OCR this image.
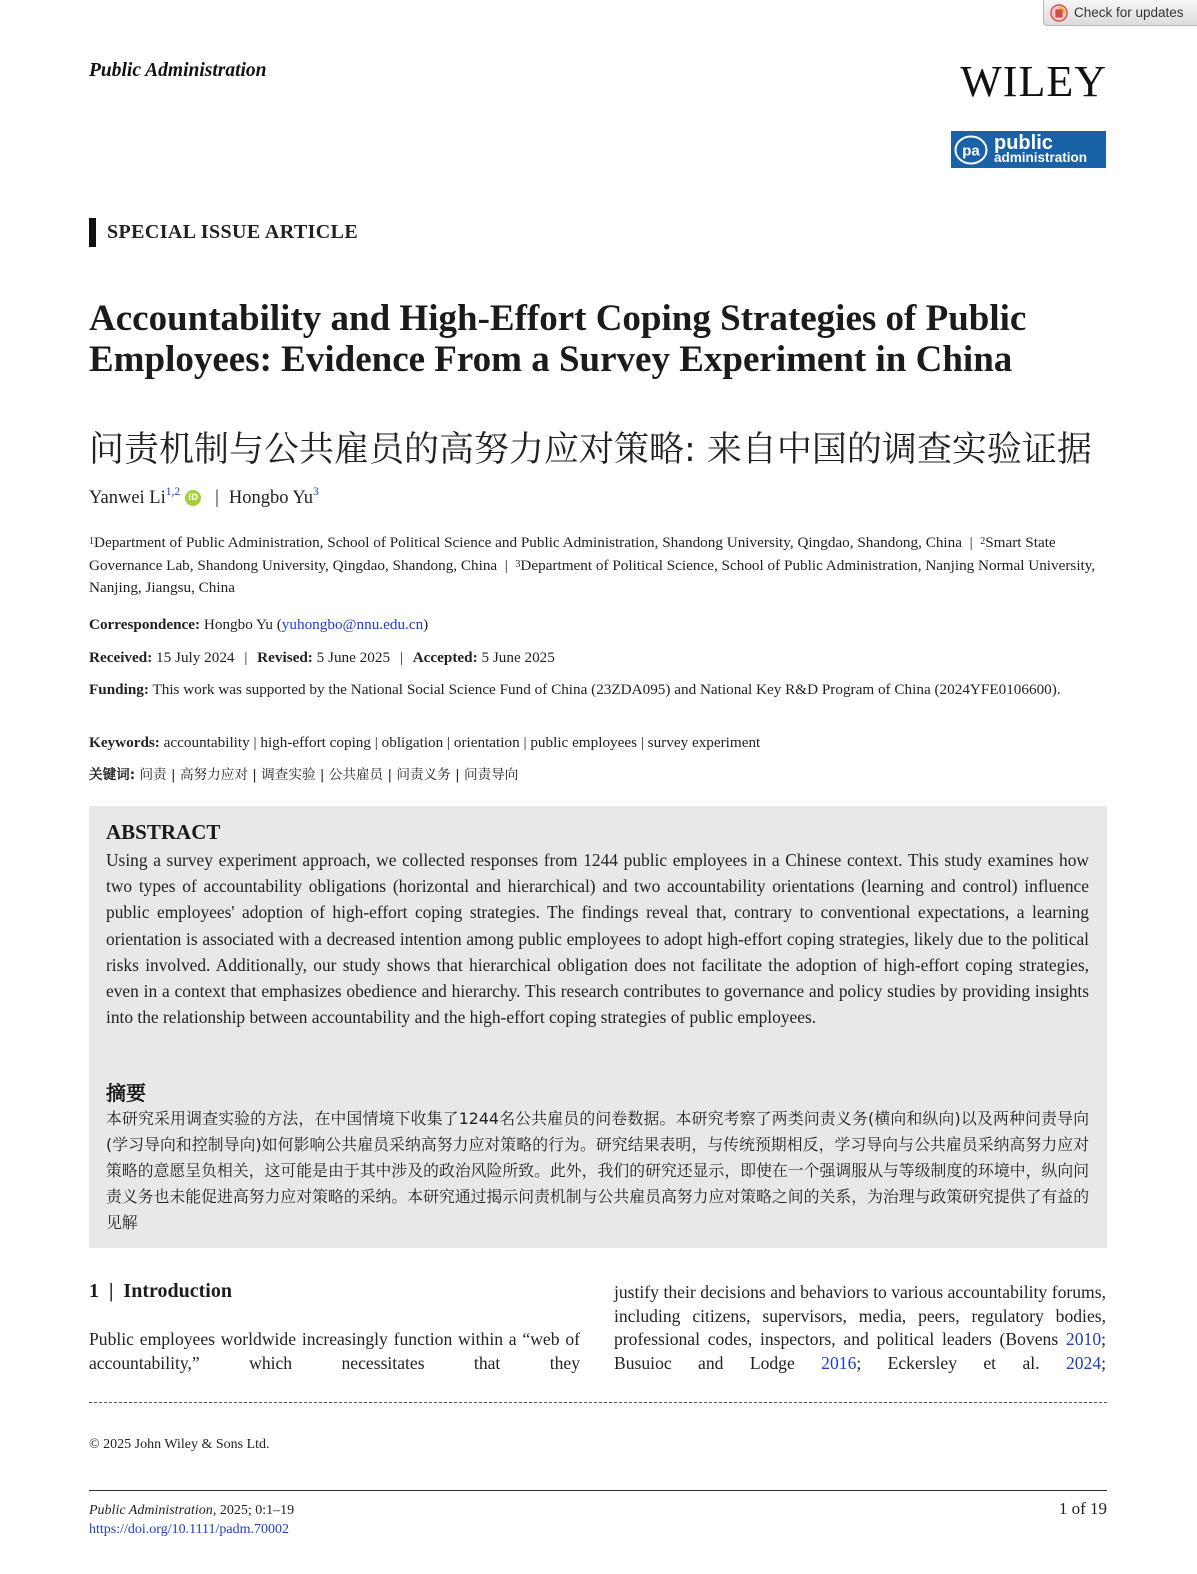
Check for updates
Public Administration	WILEY
pa public
administration
SPECIAL ISSUE ARTICLE
Accountability and High-Effort Coping Strategies of Public Employees: Evidence From a Survey Experiment in China
问责机制与公共雇员的高努力应对策略: 来自中国的调查实验证据
Yanwei Li$^{1,2}$ iD | Hongbo Yu$^3$
$^1$Department of Public Administration, School of Political Science and Public Administration, Shandong University, Qingdao, Shandong, China  |  $^2$Smart State Governance Lab, Shandong University, Qingdao, Shandong, China  |  $^3$Department of Political Science, School of Public Administration, Nanjing Normal University, Nanjing, Jiangsu, China
Correspondence: Hongbo Yu (yuhongbo@nnu.edu.cn)
Received: 15 July 2024 | Revised: 5 June 2025 | Accepted: 5 June 2025
Funding: This work was supported by the National Social Science Fund of China (23ZDA095) and National Key R&D Program of China (2024YFE0106600).
Keywords: accountability | high-effort coping | obligation | orientation | public employees | survey experiment
关键词: 问责 | 高努力应对 | 调查实验 | 公共雇员 | 问责义务 | 问责导向
ABSTRACT
Using a survey experiment approach, we collected responses from 1244 public employees in a Chinese context. This study examines how two types of accountability obligations (horizontal and hierarchical) and two accountability orientations (learning and control) influence public employees' adoption of high-effort coping strategies. The findings reveal that, contrary to conventional expectations, a learning orientation is associated with a decreased intention among public employees to adopt high-effort coping strategies, likely due to the political risks involved. Additionally, our study shows that hierarchical obligation does not facilitate the adoption of high-effort coping strategies, even in a context that emphasizes obedience and hierarchy. This research contributes to governance and policy studies by providing insights into the relationship between accountability and the high-effort coping strategies of public employees.
摘要
本研究采用调查实验的方法，在中国情境下收集了1244名公共雇员的问卷数据。本研究考察了两类问责义务(横向和纵向)以及两种问责导向(学习导向和控制导向)如何影响公共雇员采纳高努力应对策略的行为。研究结果表明，与传统预期相反，学习导向与公共雇员采纳高努力应对策略的意愿呈负相关，这可能是由于其中涉及的政治风险所致。此外，我们的研究还显示，即使在一个强调服从与等级制度的环境中，纵向问责义务也未能促进高努力应对策略的采纳。本研究通过揭示问责机制与公共雇员高努力应对策略之间的关系，为治理与政策研究提供了有益的见解
1 | Introduction
Public employees worldwide increasingly function within a “web of accountability,” which necessitates that they
justify their decisions and behaviors to various accountability forums, including citizens, supervisors, media, peers, regulatory bodies, professional codes, inspectors, and political leaders (Bovens 2010; Busuioc and Lodge 2016; Eckersley et al. 2024;
© 2025 John Wiley & Sons Ltd.
Public Administration, 2025; 0:1–19
https://doi.org/10.1111/padm.70002
1 of 19
